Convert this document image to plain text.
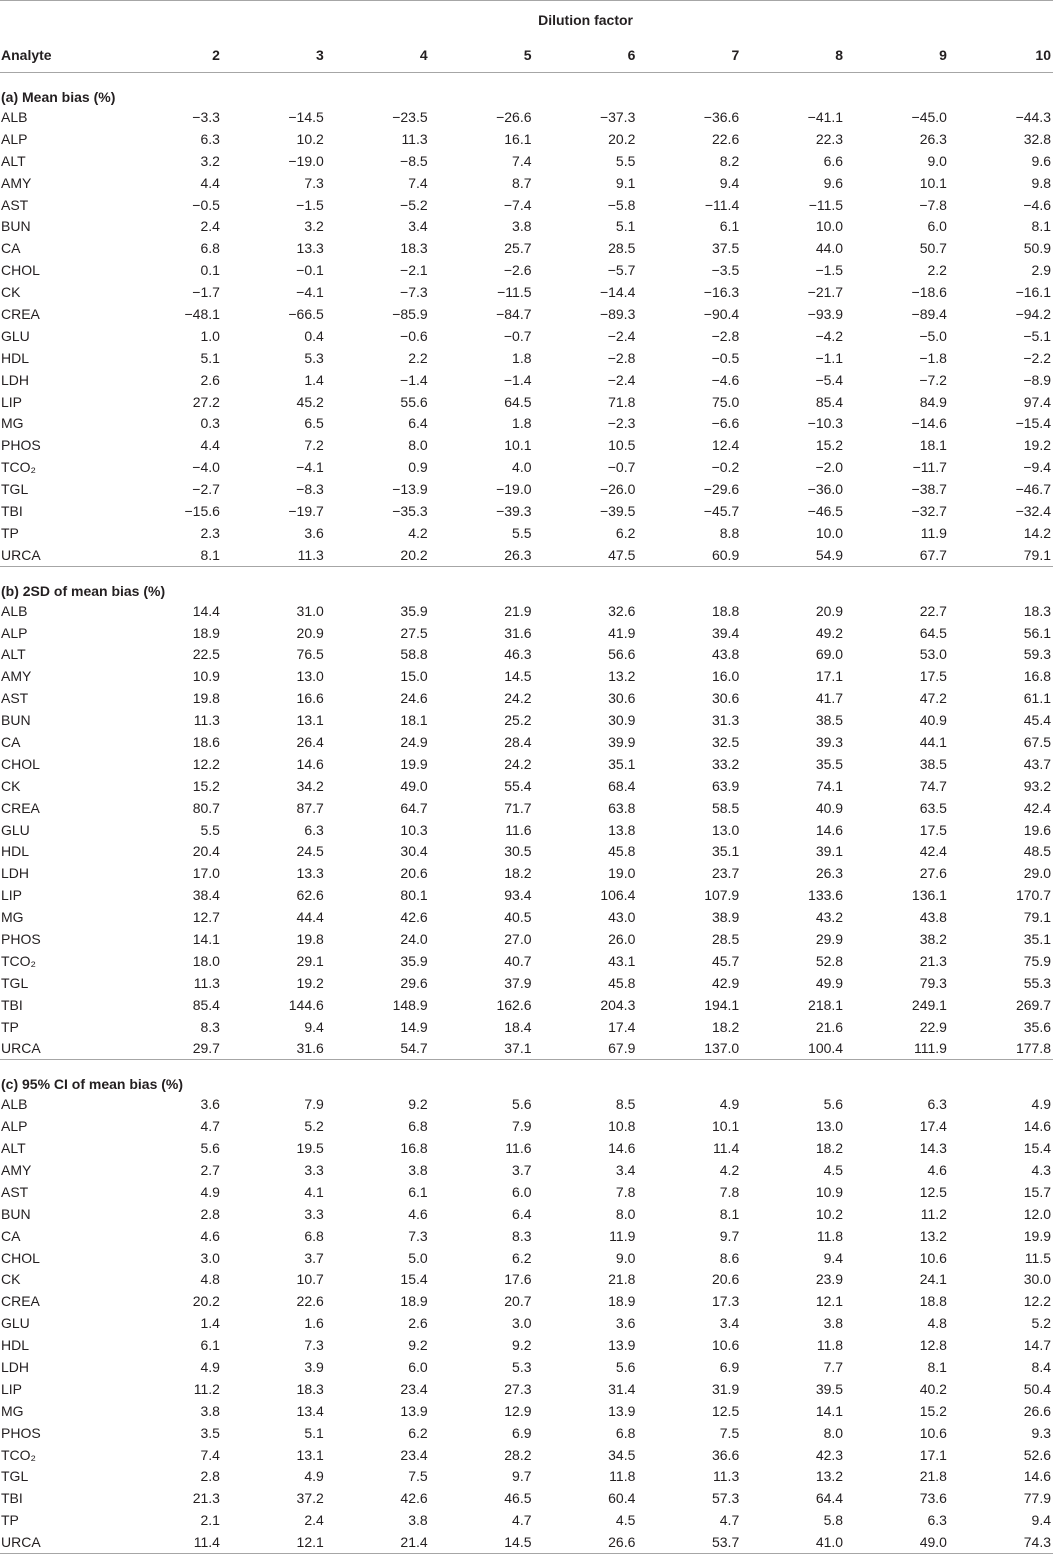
	Dilution factor								
Analyte	2	3	4	5	6	7	8	9	10
(a) Mean bias (%)									
ALB	−3.3	−14.5	−23.5	−26.6	−37.3	−36.6	−41.1	−45.0	−44.3
ALP	6.3	10.2	11.3	16.1	20.2	22.6	22.3	26.3	32.8
ALT	3.2	−19.0	−8.5	7.4	5.5	8.2	6.6	9.0	9.6
AMY	4.4	7.3	7.4	8.7	9.1	9.4	9.6	10.1	9.8
AST	−0.5	−1.5	−5.2	−7.4	−5.8	−11.4	−11.5	−7.8	−4.6
BUN	2.4	3.2	3.4	3.8	5.1	6.1	10.0	6.0	8.1
CA	6.8	13.3	18.3	25.7	28.5	37.5	44.0	50.7	50.9
CHOL	0.1	−0.1	−2.1	−2.6	−5.7	−3.5	−1.5	2.2	2.9
CK	−1.7	−4.1	−7.3	−11.5	−14.4	−16.3	−21.7	−18.6	−16.1
CREA	−48.1	−66.5	−85.9	−84.7	−89.3	−90.4	−93.9	−89.4	−94.2
GLU	1.0	0.4	−0.6	−0.7	−2.4	−2.8	−4.2	−5.0	−5.1
HDL	5.1	5.3	2.2	1.8	−2.8	−0.5	−1.1	−1.8	−2.2
LDH	2.6	1.4	−1.4	−1.4	−2.4	−4.6	−5.4	−7.2	−8.9
LIP	27.2	45.2	55.6	64.5	71.8	75.0	85.4	84.9	97.4
MG	0.3	6.5	6.4	1.8	−2.3	−6.6	−10.3	−14.6	−15.4
PHOS	4.4	7.2	8.0	10.1	10.5	12.4	15.2	18.1	19.2
TCO₂	−4.0	−4.1	0.9	4.0	−0.7	−0.2	−2.0	−11.7	−9.4
TGL	−2.7	−8.3	−13.9	−19.0	−26.0	−29.6	−36.0	−38.7	−46.7
TBI	−15.6	−19.7	−35.3	−39.3	−39.5	−45.7	−46.5	−32.7	−32.4
TP	2.3	3.6	4.2	5.5	6.2	8.8	10.0	11.9	14.2
URCA	8.1	11.3	20.2	26.3	47.5	60.9	54.9	67.7	79.1
(b) 2SD of mean bias (%)									
ALB	14.4	31.0	35.9	21.9	32.6	18.8	20.9	22.7	18.3
ALP	18.9	20.9	27.5	31.6	41.9	39.4	49.2	64.5	56.1
ALT	22.5	76.5	58.8	46.3	56.6	43.8	69.0	53.0	59.3
AMY	10.9	13.0	15.0	14.5	13.2	16.0	17.1	17.5	16.8
AST	19.8	16.6	24.6	24.2	30.6	30.6	41.7	47.2	61.1
BUN	11.3	13.1	18.1	25.2	30.9	31.3	38.5	40.9	45.4
CA	18.6	26.4	24.9	28.4	39.9	32.5	39.3	44.1	67.5
CHOL	12.2	14.6	19.9	24.2	35.1	33.2	35.5	38.5	43.7
CK	15.2	34.2	49.0	55.4	68.4	63.9	74.1	74.7	93.2
CREA	80.7	87.7	64.7	71.7	63.8	58.5	40.9	63.5	42.4
GLU	5.5	6.3	10.3	11.6	13.8	13.0	14.6	17.5	19.6
HDL	20.4	24.5	30.4	30.5	45.8	35.1	39.1	42.4	48.5
LDH	17.0	13.3	20.6	18.2	19.0	23.7	26.3	27.6	29.0
LIP	38.4	62.6	80.1	93.4	106.4	107.9	133.6	136.1	170.7
MG	12.7	44.4	42.6	40.5	43.0	38.9	43.2	43.8	79.1
PHOS	14.1	19.8	24.0	27.0	26.0	28.5	29.9	38.2	35.1
TCO₂	18.0	29.1	35.9	40.7	43.1	45.7	52.8	21.3	75.9
TGL	11.3	19.2	29.6	37.9	45.8	42.9	49.9	79.3	55.3
TBI	85.4	144.6	148.9	162.6	204.3	194.1	218.1	249.1	269.7
TP	8.3	9.4	14.9	18.4	17.4	18.2	21.6	22.9	35.6
URCA	29.7	31.6	54.7	37.1	67.9	137.0	100.4	111.9	177.8
(c) 95% CI of mean bias (%)									
ALB	3.6	7.9	9.2	5.6	8.5	4.9	5.6	6.3	4.9
ALP	4.7	5.2	6.8	7.9	10.8	10.1	13.0	17.4	14.6
ALT	5.6	19.5	16.8	11.6	14.6	11.4	18.2	14.3	15.4
AMY	2.7	3.3	3.8	3.7	3.4	4.2	4.5	4.6	4.3
AST	4.9	4.1	6.1	6.0	7.8	7.8	10.9	12.5	15.7
BUN	2.8	3.3	4.6	6.4	8.0	8.1	10.2	11.2	12.0
CA	4.6	6.8	7.3	8.3	11.9	9.7	11.8	13.2	19.9
CHOL	3.0	3.7	5.0	6.2	9.0	8.6	9.4	10.6	11.5
CK	4.8	10.7	15.4	17.6	21.8	20.6	23.9	24.1	30.0
CREA	20.2	22.6	18.9	20.7	18.9	17.3	12.1	18.8	12.2
GLU	1.4	1.6	2.6	3.0	3.6	3.4	3.8	4.8	5.2
HDL	6.1	7.3	9.2	9.2	13.9	10.6	11.8	12.8	14.7
LDH	4.9	3.9	6.0	5.3	5.6	6.9	7.7	8.1	8.4
LIP	11.2	18.3	23.4	27.3	31.4	31.9	39.5	40.2	50.4
MG	3.8	13.4	13.9	12.9	13.9	12.5	14.1	15.2	26.6
PHOS	3.5	5.1	6.2	6.9	6.8	7.5	8.0	10.6	9.3
TCO₂	7.4	13.1	23.4	28.2	34.5	36.6	42.3	17.1	52.6
TGL	2.8	4.9	7.5	9.7	11.8	11.3	13.2	21.8	14.6
TBI	21.3	37.2	42.6	46.5	60.4	57.3	64.4	73.6	77.9
TP	2.1	2.4	3.8	4.7	4.5	4.7	5.8	6.3	9.4
URCA	11.4	12.1	21.4	14.5	26.6	53.7	41.0	49.0	74.3
